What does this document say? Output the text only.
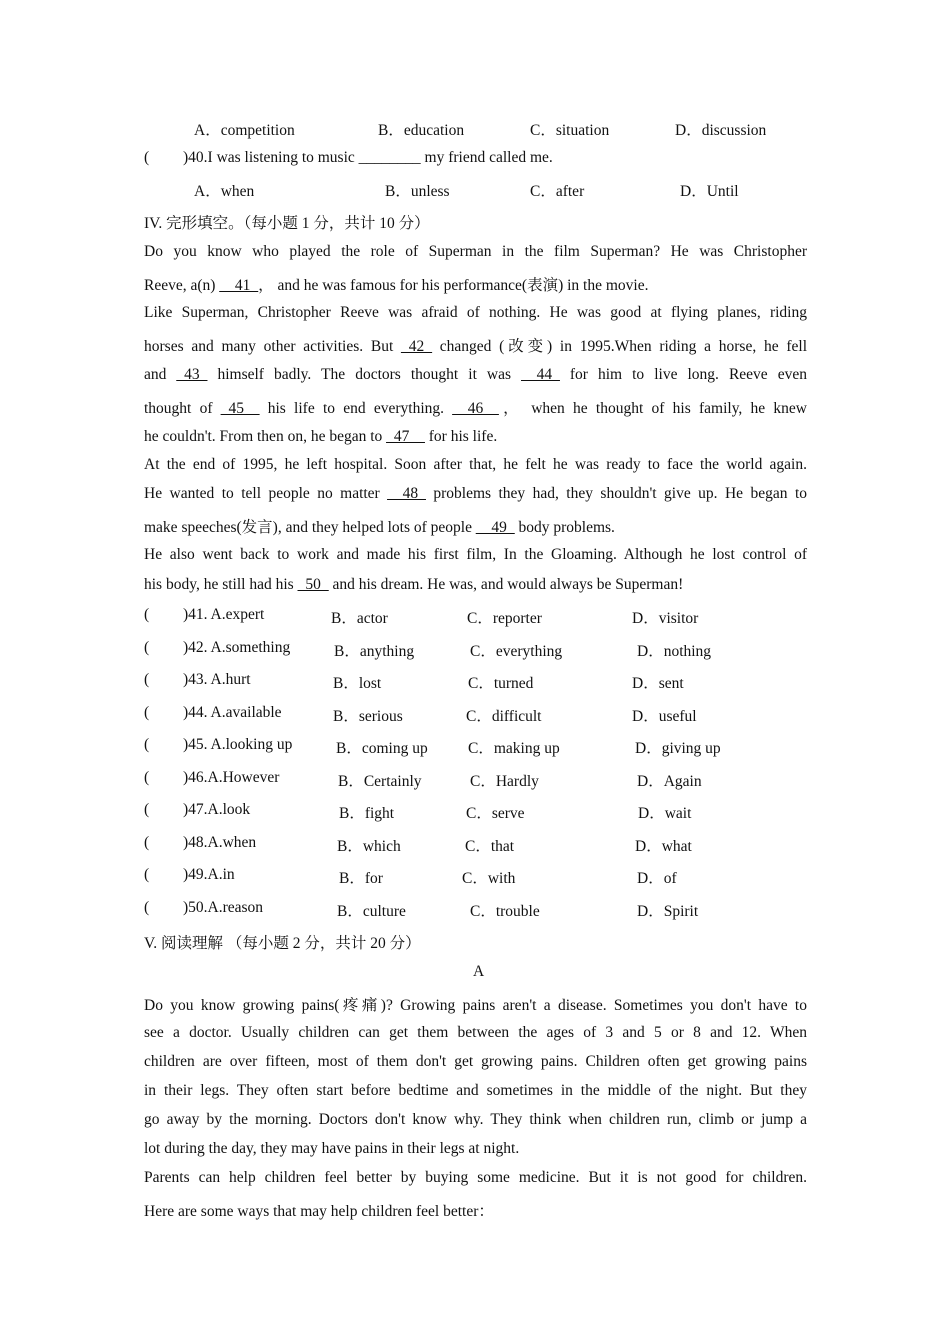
A．competition	B．education	C．situation	D．discussion
( )40.I was listening to music ________ my friend called me.
A．when	B．unless	C．after	D．Until
IV. 完形填空。（每小题 1 分，共计 10 分）
Do you know who played the role of Superman in the film Superman? He was Christopher
Reeve, a(n) __41_， and he was famous for his performance(表演) in the movie.
Like Superman, Christopher Reeve was afraid of nothing. He was good at flying planes, riding
horses and many other activities. But _42_ changed (改变) in 1995.When riding a horse, he fell
and _43_ himself badly. The doctors thought it was __44_ for him to live long. Reeve even
thought of _45__ his life to end everything. __46__， when he thought of his family, he knew
he couldn't. From then on, he began to _47__ for his life.
At the end of 1995, he left hospital. Soon after that, he felt he was ready to face the world again.
He wanted to tell people no matter __48_ problems they had, they shouldn't give up. He began to
make speeches(发言), and they helped lots of people __49_ body problems.
He also went back to work and made his first film, In the Gloaming. Although he lost control of
his body, he still had his _50_ and his dream. He was, and would always be Superman!
( )41. A.expert	B．actor	C．reporter	D．visitor
( )42. A.something	B．anything	C．everything	D．nothing
( )43. A.hurt	B．lost	C．turned	D．sent
( )44. A.available	B．serious	C．difficult	D．useful
( )45. A.looking up	B．coming up	C．making up	D．giving up
( )46.A.However	B．Certainly	C．Hardly	D．Again
( )47.A.look	B．fight	C．serve	D．wait
( )48.A.when	B．which	C．that	D．what
( )49.A.in	B．for	C．with	D．of
( )50.A.reason	B．culture	C．trouble	D．Spirit
V. 阅读理解 （每小题 2 分，共计 20 分）
A
Do you know growing pains(疼痛)? Growing pains aren't a disease. Sometimes you don't have to
see a doctor. Usually children can get them between the ages of 3 and 5 or 8 and 12. When
children are over fifteen, most of them don't get growing pains. Children often get growing pains
in their legs. They often start before bedtime and sometimes in the middle of the night. But they
go away by the morning. Doctors don't know why. They think when children run, climb or jump a
lot during the day, they may have pains in their legs at night.
Parents can help children feel better by buying some medicine. But it is not good for children.
Here are some ways that may help children feel better：
